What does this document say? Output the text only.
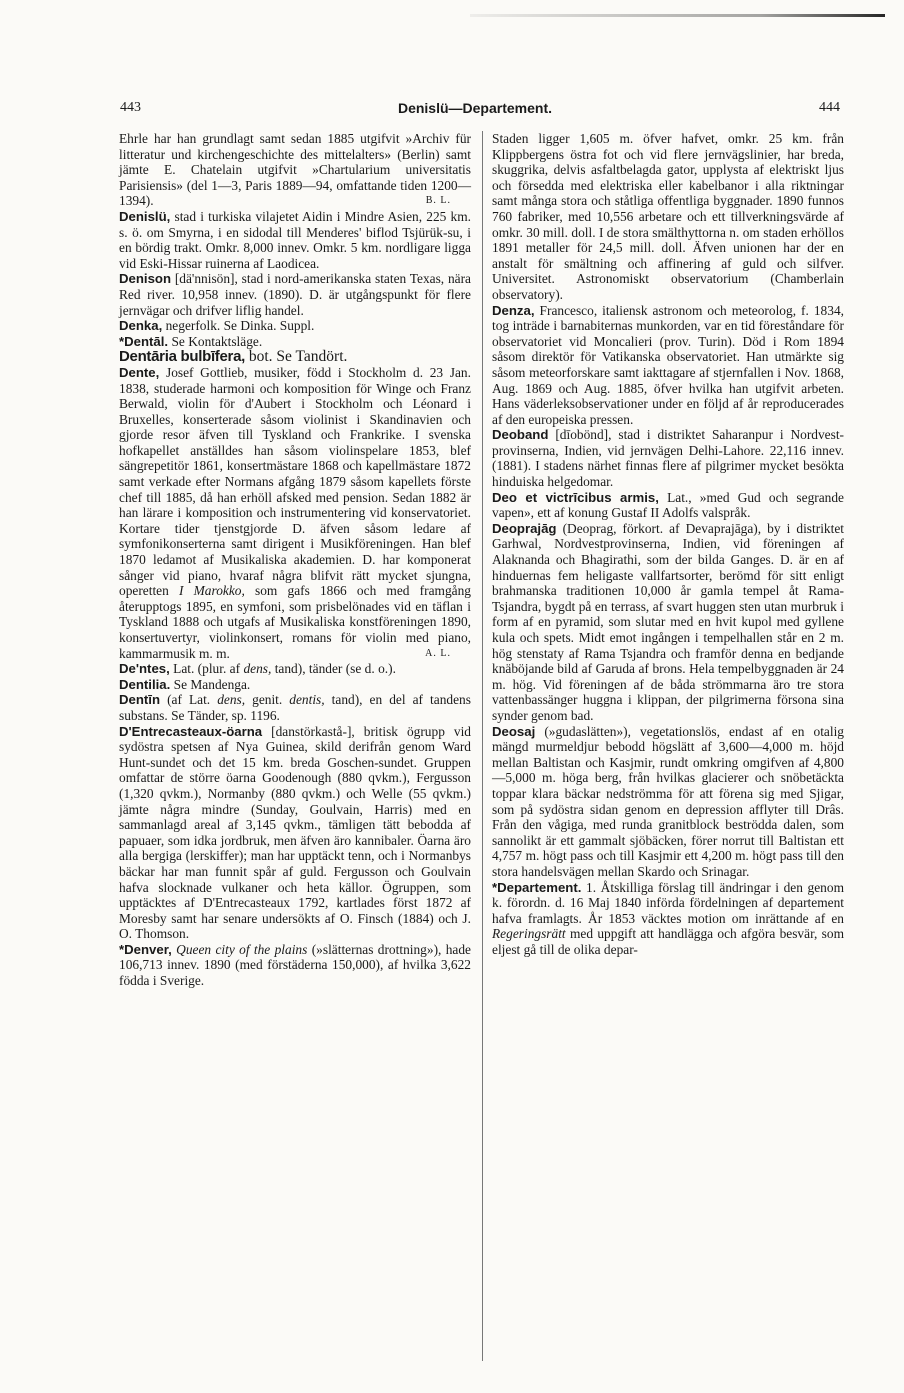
443	Denislü—Departement.	444

Ehrle har han grundlagt samt sedan 1885 utgifvit »Archiv für litteratur und kirchengeschichte des mittelalters» (Berlin) samt jämte E. Chatelain utgifvit »Chartularium universitatis Parisiensis» (del 1—3, Paris 1889—94, omfattande tiden 1200—1394).	B. L.

Denislü, stad i turkiska vilajetet Aidin i Mindre Asien, 225 km. s. ö. om Smyrna, i en sidodal till Menderes' biflod Tsjürük-su, i en bördig trakt. Omkr. 8,000 innev. Omkr. 5 km. nordligare ligga vid Eski-Hissar ruinerna af Laodicea.

Denison [dä'nnisön], stad i nord-amerikanska staten Texas, nära Red river. 10,958 innev. (1890). D. är utgångspunkt för flere jernvägar och drifver liflig handel.

Denka, negerfolk. Se Dinka. Suppl.

*Dentāl. Se Kontaktsläge.

Dentāria bulbīfera, bot. Se Tandört.

Dente, Josef Gottlieb, musiker, född i Stockholm d. 23 Jan. 1838, studerade harmoni och komposition för Winge och Franz Berwald, violin för d'Aubert i Stockholm och Léonard i Bruxelles, konserterade såsom violinist i Skandinavien och gjorde resor äfven till Tyskland och Frankrike. I svenska hofkapellet anställdes han såsom violinspelare 1853, blef sängrepetitör 1861, konsertmästare 1868 och kapellmästare 1872 samt verkade efter Normans afgång 1879 såsom kapellets förste chef till 1885, då han erhöll afsked med pension. Sedan 1882 är han lärare i komposition och instrumentering vid konservatoriet. Kortare tider tjenstgjorde D. äfven såsom ledare af symfonikonserterna samt dirigent i Musikföreningen. Han blef 1870 ledamot af Musikaliska akademien. D. har komponerat sånger vid piano, hvaraf några blifvit rätt mycket sjungna, operetten I Marokko, som gafs 1866 och med framgång återupptogs 1895, en symfoni, som prisbelönades vid en täflan i Tyskland 1888 och utgafs af Musikaliska konstföreningen 1890, konsertuvertyr, violinkonsert, romans för violin med piano, kammarmusik m. m.	A. L.

De'ntes, Lat. (plur. af dens, tand), tänder (se d. o.).

Dentilia. Se Mandenga.

Dentīn (af Lat. dens, genit. dentis, tand), en del af tandens substans. Se Tänder, sp. 1196.

D'Entrecasteaux-öarna [danstörkastå-], britisk ögrupp vid sydöstra spetsen af Nya Guinea, skild derifrån genom Ward Hunt-sundet och det 15 km. breda Goschen-sundet. Gruppen omfattar de större öarna Goodenough (880 qvkm.), Fergusson (1,320 qvkm.), Normanby (880 qvkm.) och Welle (55 qvkm.) jämte några mindre (Sunday, Goulvain, Harris) med en sammanlagd areal af 3,145 qvkm., tämligen tätt bebodda af papuaer, som idka jordbruk, men äfven äro kannibaler. Öarna äro alla bergiga (lerskiffer); man har upptäckt tenn, och i Normanbys bäckar har man funnit spår af guld. Fergusson och Goulvain hafva slocknade vulkaner och heta källor. Ögruppen, som upptäcktes af D'Entrecasteaux 1792, kartlades först 1872 af Moresby samt har senare undersökts af O. Finsch (1884) och J. O. Thomson.

*Denver, Queen city of the plains (»slätternas drottning»), hade 106,713 innev. 1890 (med förstäderna 150,000), af hvilka 3,622 födda i Sverige.

Staden ligger 1,605 m. öfver hafvet, omkr. 25 km. från Klippbergens östra fot och vid flere jernvägslinier, har breda, skuggrika, delvis asfaltbelagda gator, upplysta af elektriskt ljus och försedda med elektriska eller kabelbanor i alla riktningar samt många stora och ståtliga offentliga byggnader. 1890 funnos 760 fabriker, med 10,556 arbetare och ett tillverkningsvärde af omkr. 30 mill. doll. I de stora smälthyttorna n. om staden erhöllos 1891 metaller för 24,5 mill. doll. Äfven unionen har der en anstalt för smältning och affinering af guld och silfver. Universitet. Astronomiskt observatorium (Chamberlain observatory).

Denza, Francesco, italiensk astronom och meteorolog, f. 1834, tog inträde i barnabiternas munkorden, var en tid föreståndare för observatoriet vid Moncalieri (prov. Turin). Död i Rom 1894 såsom direktör för Vatikanska observatoriet. Han utmärkte sig såsom meteorforskare samt iakttagare af stjernfallen i Nov. 1868, Aug. 1869 och Aug. 1885, öfver hvilka han utgifvit arbeten. Hans väderleksobservationer under en följd af år reproducerades af den europeiska pressen.

Deoband [dīobönd], stad i distriktet Saharanpur i Nordvest-provinserna, Indien, vid jernvägen Delhi-Lahore. 22,116 innev. (1881). I stadens närhet finnas flere af pilgrimer mycket besökta hinduiska helgedomar.

Deo et victrīcibus armis, Lat., »med Gud och segrande vapen», ett af konung Gustaf II Adolfs valspråk.

Deoprajāg (Deoprag, förkort. af Devaprajāga), by i distriktet Garhwal, Nordvestprovinserna, Indien, vid föreningen af Alaknanda och Bhagirathi, som der bilda Ganges. D. är en af hinduernas fem heligaste vallfartsorter, berömd för sitt enligt brahmanska traditionen 10,000 år gamla tempel åt Rama-Tsjandra, bygdt på en terrass, af svart huggen sten utan murbruk i form af en pyramid, som slutar med en hvit kupol med gyllene kula och spets. Midt emot ingången i tempelhallen står en 2 m. hög stenstaty af Rama Tsjandra och framför denna en bedjande knäböjande bild af Garuda af brons. Hela tempelbyggnaden är 24 m. hög. Vid föreningen af de båda strömmarna äro tre stora vattenbassänger huggna i klippan, der pilgrimerna försona sina synder genom bad.

Deosaj (»gudaslätten»), vegetationslös, endast af en otalig mängd murmeldjur bebodd högslätt af 3,600—4,000 m. höjd mellan Baltistan och Kasjmir, rundt omkring omgifven af 4,800—5,000 m. höga berg, från hvilkas glacierer och snöbetäckta toppar klara bäckar nedströmma för att förena sig med Sjigar, som på sydöstra sidan genom en depression afflyter till Drâs. Från den vågiga, med runda granitblock beströdda dalen, som sannolikt är ett gammalt sjöbäcken, förer norrut till Baltistan ett 4,757 m. högt pass och till Kasjmir ett 4,200 m. högt pass till den stora handelsvägen mellan Skardo och Srinagar.

*Departement. 1. Åtskilliga förslag till ändringar i den genom k. förordn. d. 16 Maj 1840 införda fördelningen af departement hafva framlagts. År 1853 väcktes motion om inrättande af en Regeringsrätt med uppgift att handlägga och afgöra besvär, som eljest gå till de olika depar-
